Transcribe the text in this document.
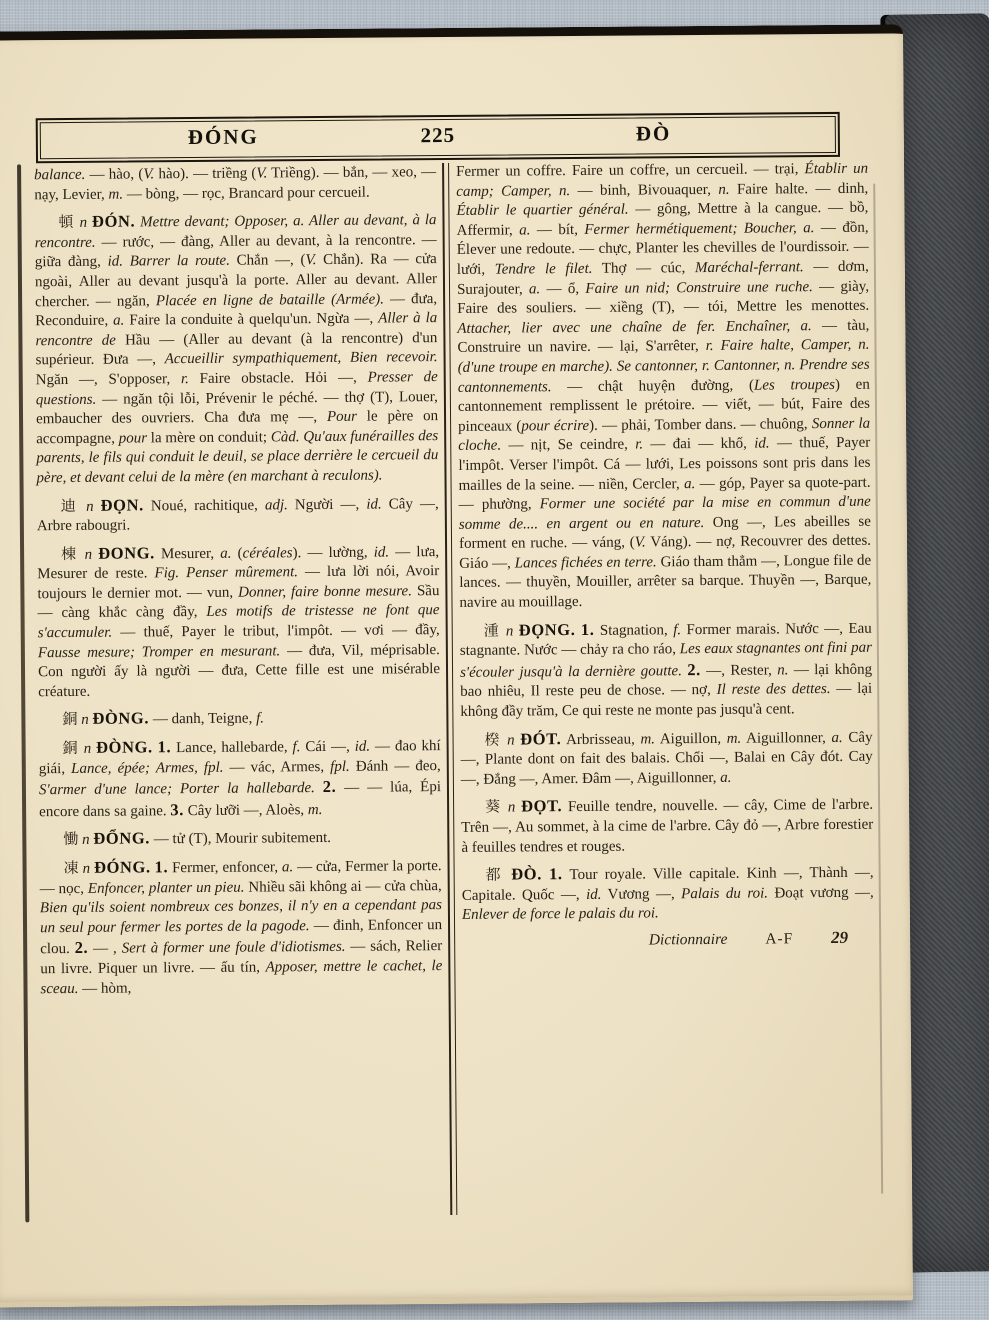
ĐÓNG	225	ĐÒ

balance. — hào, (V. hào). — triềng (V. Triềng). — bắn, — xeo, — nạy, Levier, m. — bòng, — rọc, Brancard pour cercueil.

頓 n ĐÓN. Mettre devant; Opposer, a. Aller au devant, à la rencontre. — rước, — đàng, Aller au devant, à la rencontre. — giữa đàng, id. Barrer la route. Chắn —, (V. Chắn). Ra — cửa ngoài, Aller au devant jusqu'à la porte. Aller au devant. Aller chercher. — ngăn, Placée en ligne de bataille (Armée). — đưa, Reconduire, a. Faire la conduite à quelqu'un. Ngừa —, Aller à la rencontre de Hầu — (Aller au devant (à la rencontre) d'un supérieur. Đưa —, Accueillir sympathiquement, Bien recevoir. Ngăn —, S'opposer, r. Faire obstacle. Hỏi —, Presser de questions. — ngăn tội lỗi, Prévenir le péché. — thợ (T), Louer, embaucher des ouvriers. Cha đưa mẹ —, Pour le père on accompagne, pour la mère on conduit; Càd. Qu'aux funérailles des parents, le fils qui conduit le deuil, se place derrière le cercueil du père, et devant celui de la mère (en marchant à reculons).

迪 n ĐỌN. Noué, rachitique, adj. Người —, id. Cây —, Arbre rabougri.

棟 n ĐONG. Mesurer, a. (céréales). — lường, id. — lưa, Mesurer de reste. Fig. Penser mûrement. — lưa lời nói, Avoir toujours le dernier mot. — vun, Donner, faire bonne mesure. Sầu — càng khắc càng đầy, Les motifs de tristesse ne font que s'accumuler. — thuế, Payer le tribut, l'impôt. — vơi — đầy, Fausse mesure; Tromper en mesurant. — đưa, Vil, méprisable. Con người ấy là người — đưa, Cette fille est une misérable créature.

銅 n ĐÒNG. — danh, Teigne, f.

銅 n ĐÒNG. 1. Lance, hallebarde, f. Cái —, id. — đao khí giái, Lance, épée; Armes, fpl. — vác, Armes, fpl. Đánh — đeo, S'armer d'une lance; Porter la hallebarde. 2. — — lúa, Épi encore dans sa gaine. 3. Cây lưỡi —, Aloès, m.

慟 n ĐỔNG. — tử (T), Mourir subitement.

凍 n ĐÓNG. 1. Fermer, enfoncer, a. — cửa, Fermer la porte. — nọc, Enfoncer, planter un pieu. Nhiều sãi không ai — cửa chùa, Bien qu'ils soient nombreux ces bonzes, il n'y en a cependant pas un seul pour fermer les portes de la pagode. — đinh, Enfoncer un clou. 2. — , Sert à former une foule d'idiotismes. — sách, Relier un livre. Piquer un livre. — ấu tín, Apposer, mettre le cachet, le sceau. — hòm,

Fermer un coffre. Faire un coffre, un cercueil. — trại, Établir un camp; Camper, n. — binh, Bivouaquer, n. Faire halte. — dinh, Établir le quartier général. — gông, Mettre à la cangue. — bồ, Affermir, a. — bít, Fermer hermétiquement; Boucher, a. — đồn, Élever une redoute. — chực, Planter les chevilles de l'ourdissoir. — lưới, Tendre le filet. Thợ — cúc, Maréchal-ferrant. — dơm, Surajouter, a. — ổ, Faire un nid; Construire une ruche. — giày, Faire des souliers. — xiềng (T), — tói, Mettre les menottes. Attacher, lier avec une chaîne de fer. Enchaîner, a. — tàu, Construire un navire. — lại, S'arrêter, r. Faire halte, Camper, n. (d'une troupe en marche). Se cantonner, r. Cantonner, n. Prendre ses cantonnements. — chật huyện đường, (Les troupes) en cantonnement remplissent le prétoire. — viết, — bút, Faire des pinceaux (pour écrire). — phải, Tomber dans. — chuông, Sonner la cloche. — nịt, Se ceindre, r. — đai — khố, id. — thuế, Payer l'impôt. Verser l'impôt. Cá — lưới, Les poissons sont pris dans les mailles de la seine. — niền, Cercler, a. — góp, Payer sa quote-part. — phường, Former une société par la mise en commun d'une somme de.... en argent ou en nature. Ong —, Les abeilles se forment en ruche. — váng, (V. Váng). — nợ, Recouvrer des dettes. Giáo —, Lances fichées en terre. Giáo tham thẳm —, Longue file de lances. — thuyền, Mouiller, arrêter sa barque. Thuyền —, Barque, navire au mouillage.

湩 n ĐỌNG. 1. Stagnation, f. Former marais. Nước —, Eau stagnante. Nước — chảy ra cho ráo, Les eaux stagnantes ont fini par s'écouler jusqu'à la dernière goutte. 2. —, Rester, n. — lại không bao nhiêu, Il reste peu de chose. — nợ, Il reste des dettes. — lại không đầy trăm, Ce qui reste ne monte pas jusqu'à cent.

楑 n ĐÓT. Arbrisseau, m. Aiguillon, m. Aiguillonner, a. Cây —, Plante dont on fait des balais. Chổi —, Balai en Cây đót. Cay —, Đắng —, Amer. Đâm —, Aiguillonner, a.

葵 n ĐỌT. Feuille tendre, nouvelle. — cây, Cime de l'arbre. Trên —, Au sommet, à la cime de l'arbre. Cây đỏ —, Arbre forestier à feuilles tendres et rouges.

都 ĐÒ. 1. Tour royale. Ville capitale. Kinh —, Thành —, Capitale. Quốc —, id. Vương —, Palais du roi. Đoạt vương —, Enlever de force le palais du roi.

Dictionnaire A-F 29
